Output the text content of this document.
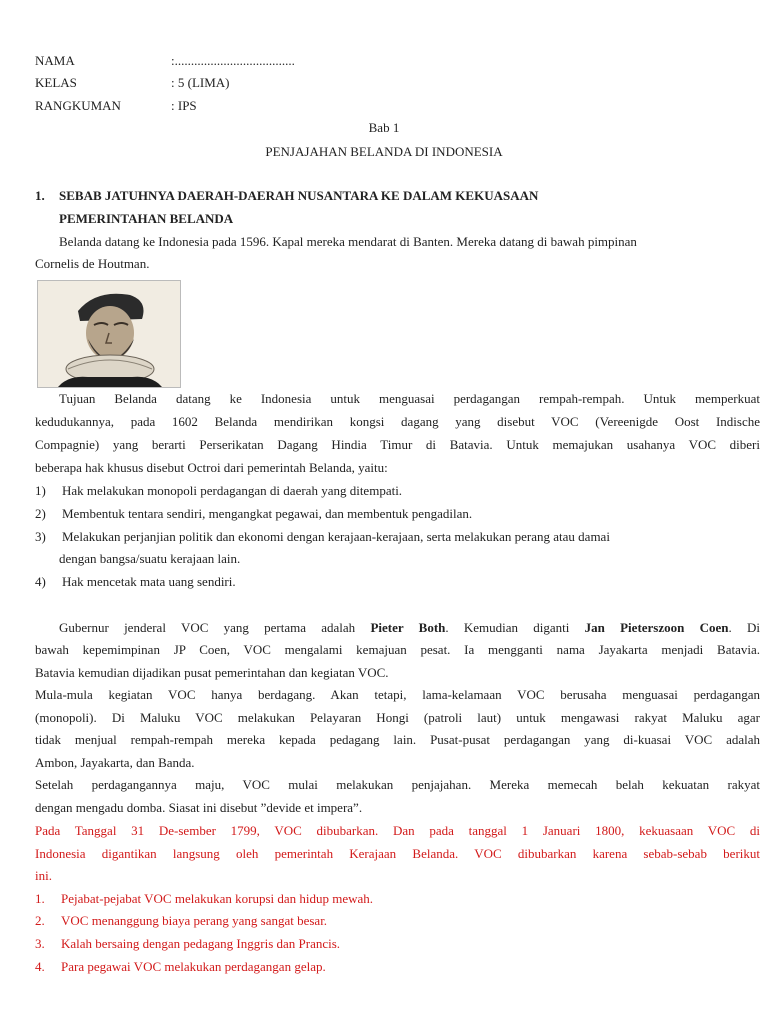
NAMA	:.....................................
KELAS	: 5 (LIMA)
RANGKUMAN	: IPS
Bab 1
PENJAJAHAN BELANDA DI INDONESIA
1. SEBAB JATUHNYA DAERAH-DAERAH NUSANTARA KE DALAM KEKUASAAN
PEMERINTAHAN BELANDA
Belanda datang ke Indonesia pada 1596. Kapal mereka mendarat di Banten. Mereka datang di bawah pimpinan
Cornelis de Houtman.
Tujuan Belanda datang ke Indonesia untuk menguasai perdagangan rempah-rempah. Untuk memperkuat
kedudukannya, pada 1602 Belanda mendirikan kongsi dagang yang disebut VOC (Vereenigde Oost Indische
Compagnie) yang berarti Perserikatan Dagang Hindia Timur di Batavia. Untuk memajukan usahanya VOC diberi
beberapa hak khusus disebut Octroi dari pemerintah Belanda, yaitu:
1) Hak melakukan monopoli perdagangan di daerah yang ditempati.
2) Membentuk tentara sendiri, mengangkat pegawai, dan membentuk pengadilan.
3) Melakukan perjanjian politik dan ekonomi dengan kerajaan-kerajaan, serta melakukan perang atau damai
dengan bangsa/suatu kerajaan lain.
4) Hak mencetak mata uang sendiri.
Gubernur jenderal VOC yang pertama adalah Pieter Both. Kemudian diganti Jan Pieterszoon Coen. Di
bawah kepemimpinan JP Coen, VOC mengalami kemajuan pesat. Ia mengganti nama Jayakarta menjadi Batavia.
Batavia kemudian dijadikan pusat pemerintahan dan kegiatan VOC.
Mula-mula kegiatan VOC hanya berdagang. Akan tetapi, lama-kelamaan VOC berusaha menguasai perdagangan
(monopoli). Di Maluku VOC melakukan Pelayaran Hongi (patroli laut) untuk mengawasi rakyat Maluku agar
tidak menjual rempah-rempah mereka kepada pedagang lain. Pusat-pusat perdagangan yang di-kuasai VOC adalah
Ambon, Jayakarta, dan Banda.
Setelah perdagangannya maju, VOC mulai melakukan penjajahan. Mereka memecah belah kekuatan rakyat
dengan mengadu domba. Siasat ini disebut ”devide et impera”.
Pada Tanggal 31 De-sember 1799, VOC dibubarkan. Dan pada tanggal 1 Januari 1800, kekuasaan VOC di
Indonesia digantikan langsung oleh pemerintah Kerajaan Belanda. VOC dibubarkan karena sebab-sebab berikut
ini.
1. Pejabat-pejabat VOC melakukan korupsi dan hidup mewah.
2. VOC menanggung biaya perang yang sangat besar.
3. Kalah bersaing dengan pedagang Inggris dan Prancis.
4. Para pegawai VOC melakukan perdagangan gelap.
